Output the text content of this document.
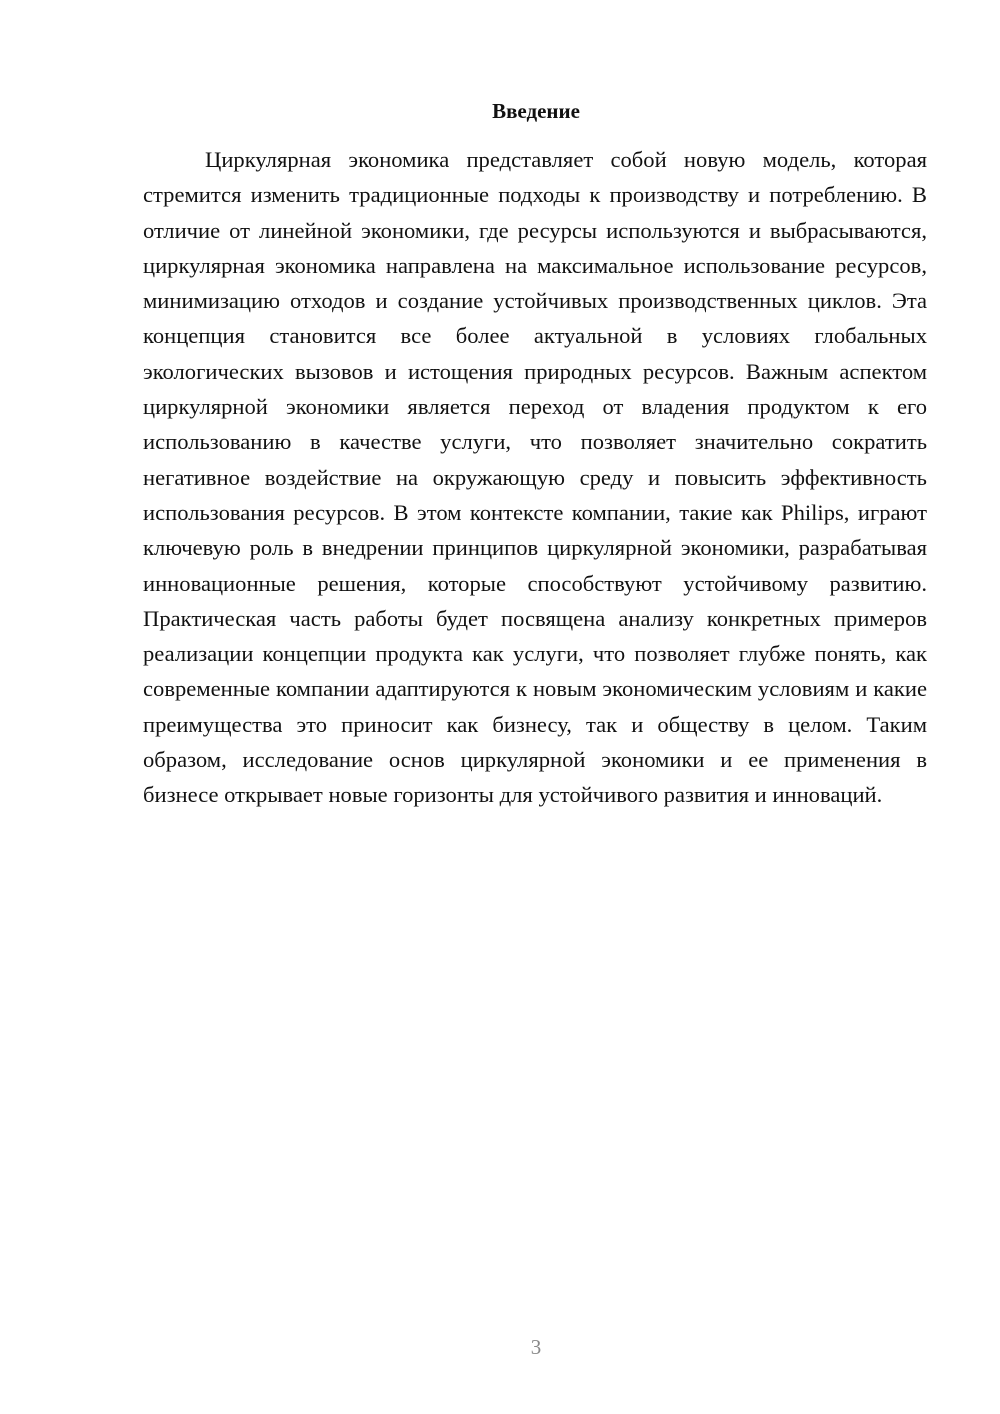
Введение

Циркулярная экономика представляет собой новую модель, которая стремится изменить традиционные подходы к производству и потреблению. В отличие от линейной экономики, где ресурсы используются и выбрасываются, циркулярная экономика направлена на максимальное использование ресурсов, минимизацию отходов и создание устойчивых производственных циклов. Эта концепция становится все более актуальной в условиях глобальных экологических вызовов и истощения природных ресурсов. Важным аспектом циркулярной экономики является переход от владения продуктом к его использованию в качестве услуги, что позволяет значительно сократить негативное воздействие на окружающую среду и повысить эффективность использования ресурсов. В этом контексте компании, такие как Philips, играют ключевую роль в внедрении принципов циркулярной экономики, разрабатывая инновационные решения, которые способствуют устойчивому развитию. Практическая часть работы будет посвящена анализу конкретных примеров реализации концепции продукта как услуги, что позволяет глубже понять, как современные компании адаптируются к новым экономическим условиям и какие преимущества это приносит как бизнесу, так и обществу в целом. Таким образом, исследование основ циркулярной экономики и ее применения в бизнесе открывает новые горизонты для устойчивого развития и инноваций.

3
